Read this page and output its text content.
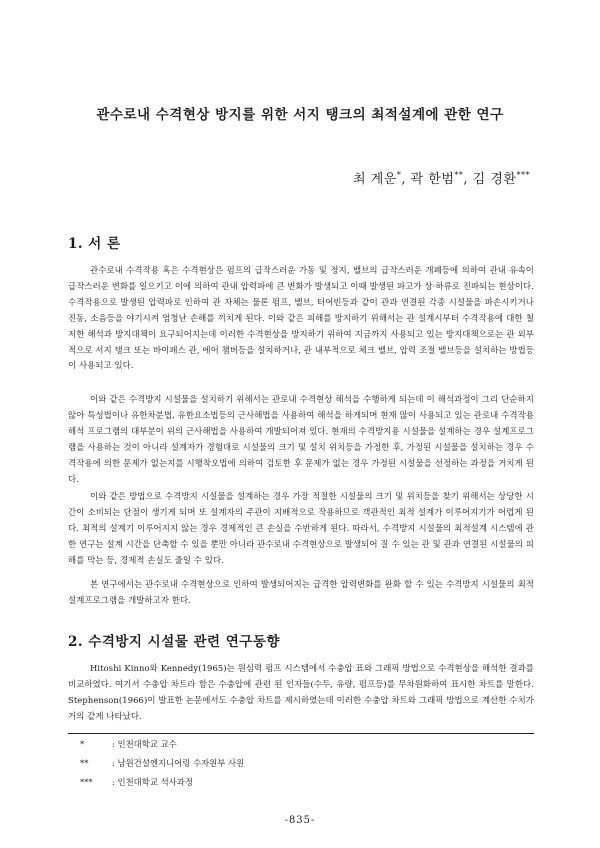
관수로내 수격현상 방지를 위한 서지 탱크의 최적설계에 관한 연구
최 계운*, 곽 한범**, 김 경환***
1. 서 론
관수로내 수격작용 혹은 수격현상은 펌프의 급작스러운 가동 및 정지, 밸브의 급작스러운 개폐등에 의하여 관내 유속이 급작스러운 변화를 일으키고 이에 의하여 관내 압력파에 큰 변화가 발생되고 이때 발생된 파고가 상·하류로 진파되는 현상이다. 수격작용으로 발생된 압력파로 인하여 관 자체는 물론 펌프, 밸브, 터어빈등과 같이 관과 연결된 각종 시설물을 파손시키거나 진동, 소음등을 야기시켜 엄청난 손해를 끼치게 된다. 이와 같은 피해를 방지하기 위해서는 관 설계시부터 수격작용에 대한 철저한 해석과 방지대책이 요구되어지는데 이러한 수격현상을 방지하기 위하여 지금까지 사용되고 있는 방지대책으로는 관 외부적으로 서지 탱크 또는 바이패스 관, 에어 챔버등을 설치하거나, 관 내부적으로 체크 밸브, 압력 조절 밸브등을 설치하는 방법등이 사용되고 있다.
이와 같은 수격방지 시설물을 설치하기 위해서는 관로내 수격현상 해석을 수행하게 되는데 이 해석과정이 그리 단순하지 않아 특성법이나 유한차분법, 유한요소법등의 근사해법을 사용하여 해석을 하게되며 현재 많이 사용되고 있는 관로내 수격작용 해석 프로그램의 대부분이 위의 근사해법을 사용하여 개발되어져 있다. 현재의 수격방지용 시설물을 설계하는 경우 설계프로그램을 사용하는 것이 아니라 설계자가 경험대로 시설물의 크기 및 설치 위치등을 가정한 후, 가정된 시설물을 설치하는 경우 수격작용에 의한 문제가 없는지를 시행착오법에 의하여 검토한 후 문제가 없는 경우 가정된 시설물을 선정하는 과정을 거치게 된다.
이와 같은 방법으로 수격방지 시설물을 설계하는 경우 가장 적절한 시설물의 크기 및 위치등을 찾기 위해서는 상당한 시간이 소비되는 단점이 생기게 되며 또 설계자의 주관이 지배적으로 작용하므로 객관적인 최적 설계가 이루어지기가 어렵게 된다. 최적의 설계기 이루어지지 않는 경우 경제적인 큰 손실을 수반하게 된다. 따라서, 수격방지 시설물의 최적설계 시스템에 관한 연구는 설계 시간을 단축할 수 있을 뿐만 아니라 관수로내 수격현상으로 발생되어 질 수 있는 관 및 관과 연결된 시설물의 피해를 막는 등, 경제적 손실도 줄일 수 있다.
본 연구에서는 관수로내 수격현상으로 인하여 발생되어지는 급격한 압력변화를 완화 할 수 있는 수격방지 시설물의 최적설계프로그램을 개발하고자 한다.
2. 수격방지 시설물 관련 연구동향
Hitoshi Kinno와 Kennedy(1965)는 원심력 펌프 시스템에서 수충압 표와 그래픽 방법으로 수격현상을 해석한 결과를 비교하였다. 여기서 수충압 차트라 함은 수충압에 관련 된 인자들(수두, 유량, 펌프등)를 무차원화하여 표시한 차트를 말한다. Stephenson(1966)이 발표한 논문에서도 수충압 차트를 제시하였는데 이러한 수충압 차트와 그래픽 방법으로 계산한 수치가 거의 같게 나타났다.
*	: 인천대학교 교수
**	: 남원건설엔지니어링 수자원부 사원
*** : 인천대학교 석사과정
-835-
